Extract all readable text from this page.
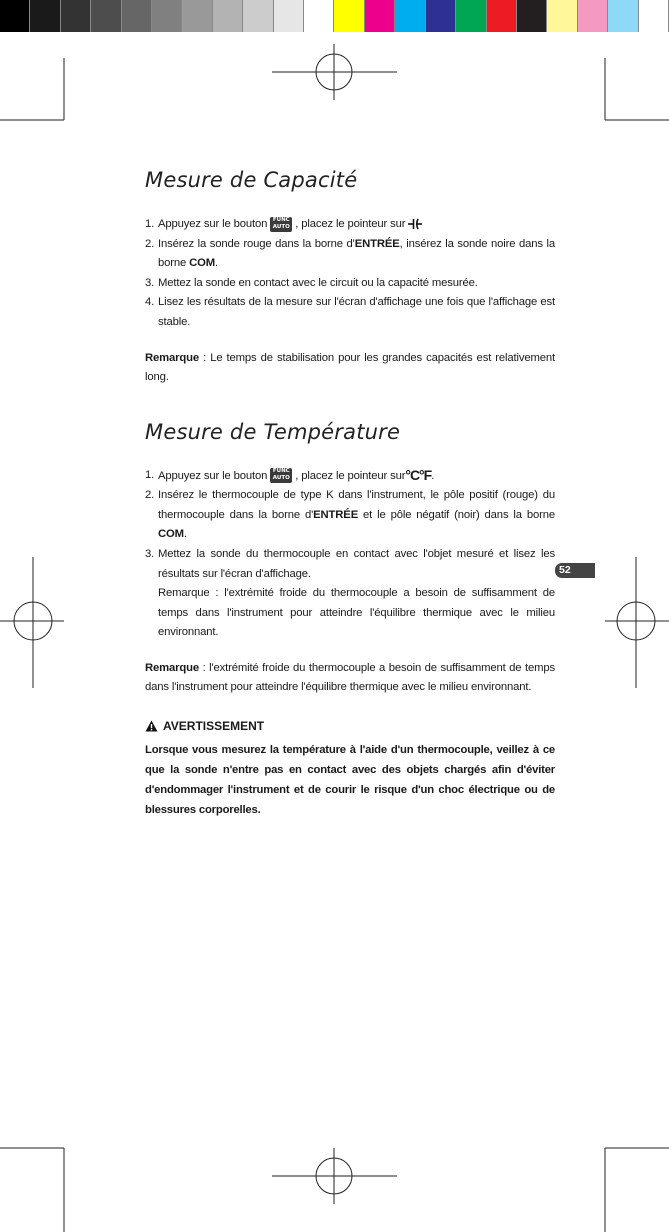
52
Mesure de Capacité
1. Appuyez sur le bouton	FUNC
AUTO , placez le pointeur sur
2. Insérez la sonde rouge dans la borne d'ENTRÉE, insérez la sonde noire dans la borne COM.
3. Mettez la sonde en contact avec le circuit ou la capacité mesurée.
4. Lisez les résultats de la mesure sur l'écran d'affichage une fois que l'affichage est stable.

Remarque : Le temps de stabilisation pour les grandes capacités est relativement long.

Mesure de Température
1. Appuyez sur le bouton	FUNC
AUTO , placez le pointeur sur°C°F.
2. Insérez le thermocouple de type K dans l'instrument, le pôle positif (rouge) du thermocouple dans la borne d'ENTRÉE et le pôle négatif (noir) dans la borne COM.
3. Mettez la sonde du thermocouple en contact avec l'objet mesuré et lisez les résultats sur l'écran d'affichage.
Remarque : l'extrémité froide du thermocouple a besoin de suffisamment de temps dans l'instrument pour atteindre l'équilibre thermique avec le milieu environnant.

Remarque : l'extrémité froide du thermocouple a besoin de suffisamment de temps dans l'instrument pour atteindre l'équilibre thermique avec le milieu environnant.

AVERTISSEMENT

Lorsque vous mesurez la température à l'aide d'un thermocouple, veillez à ce que la sonde n'entre pas en contact avec des objets chargés afin d'éviter d'endommager l'instrument et de courir le risque d'un choc électrique ou de blessures corporelles.
